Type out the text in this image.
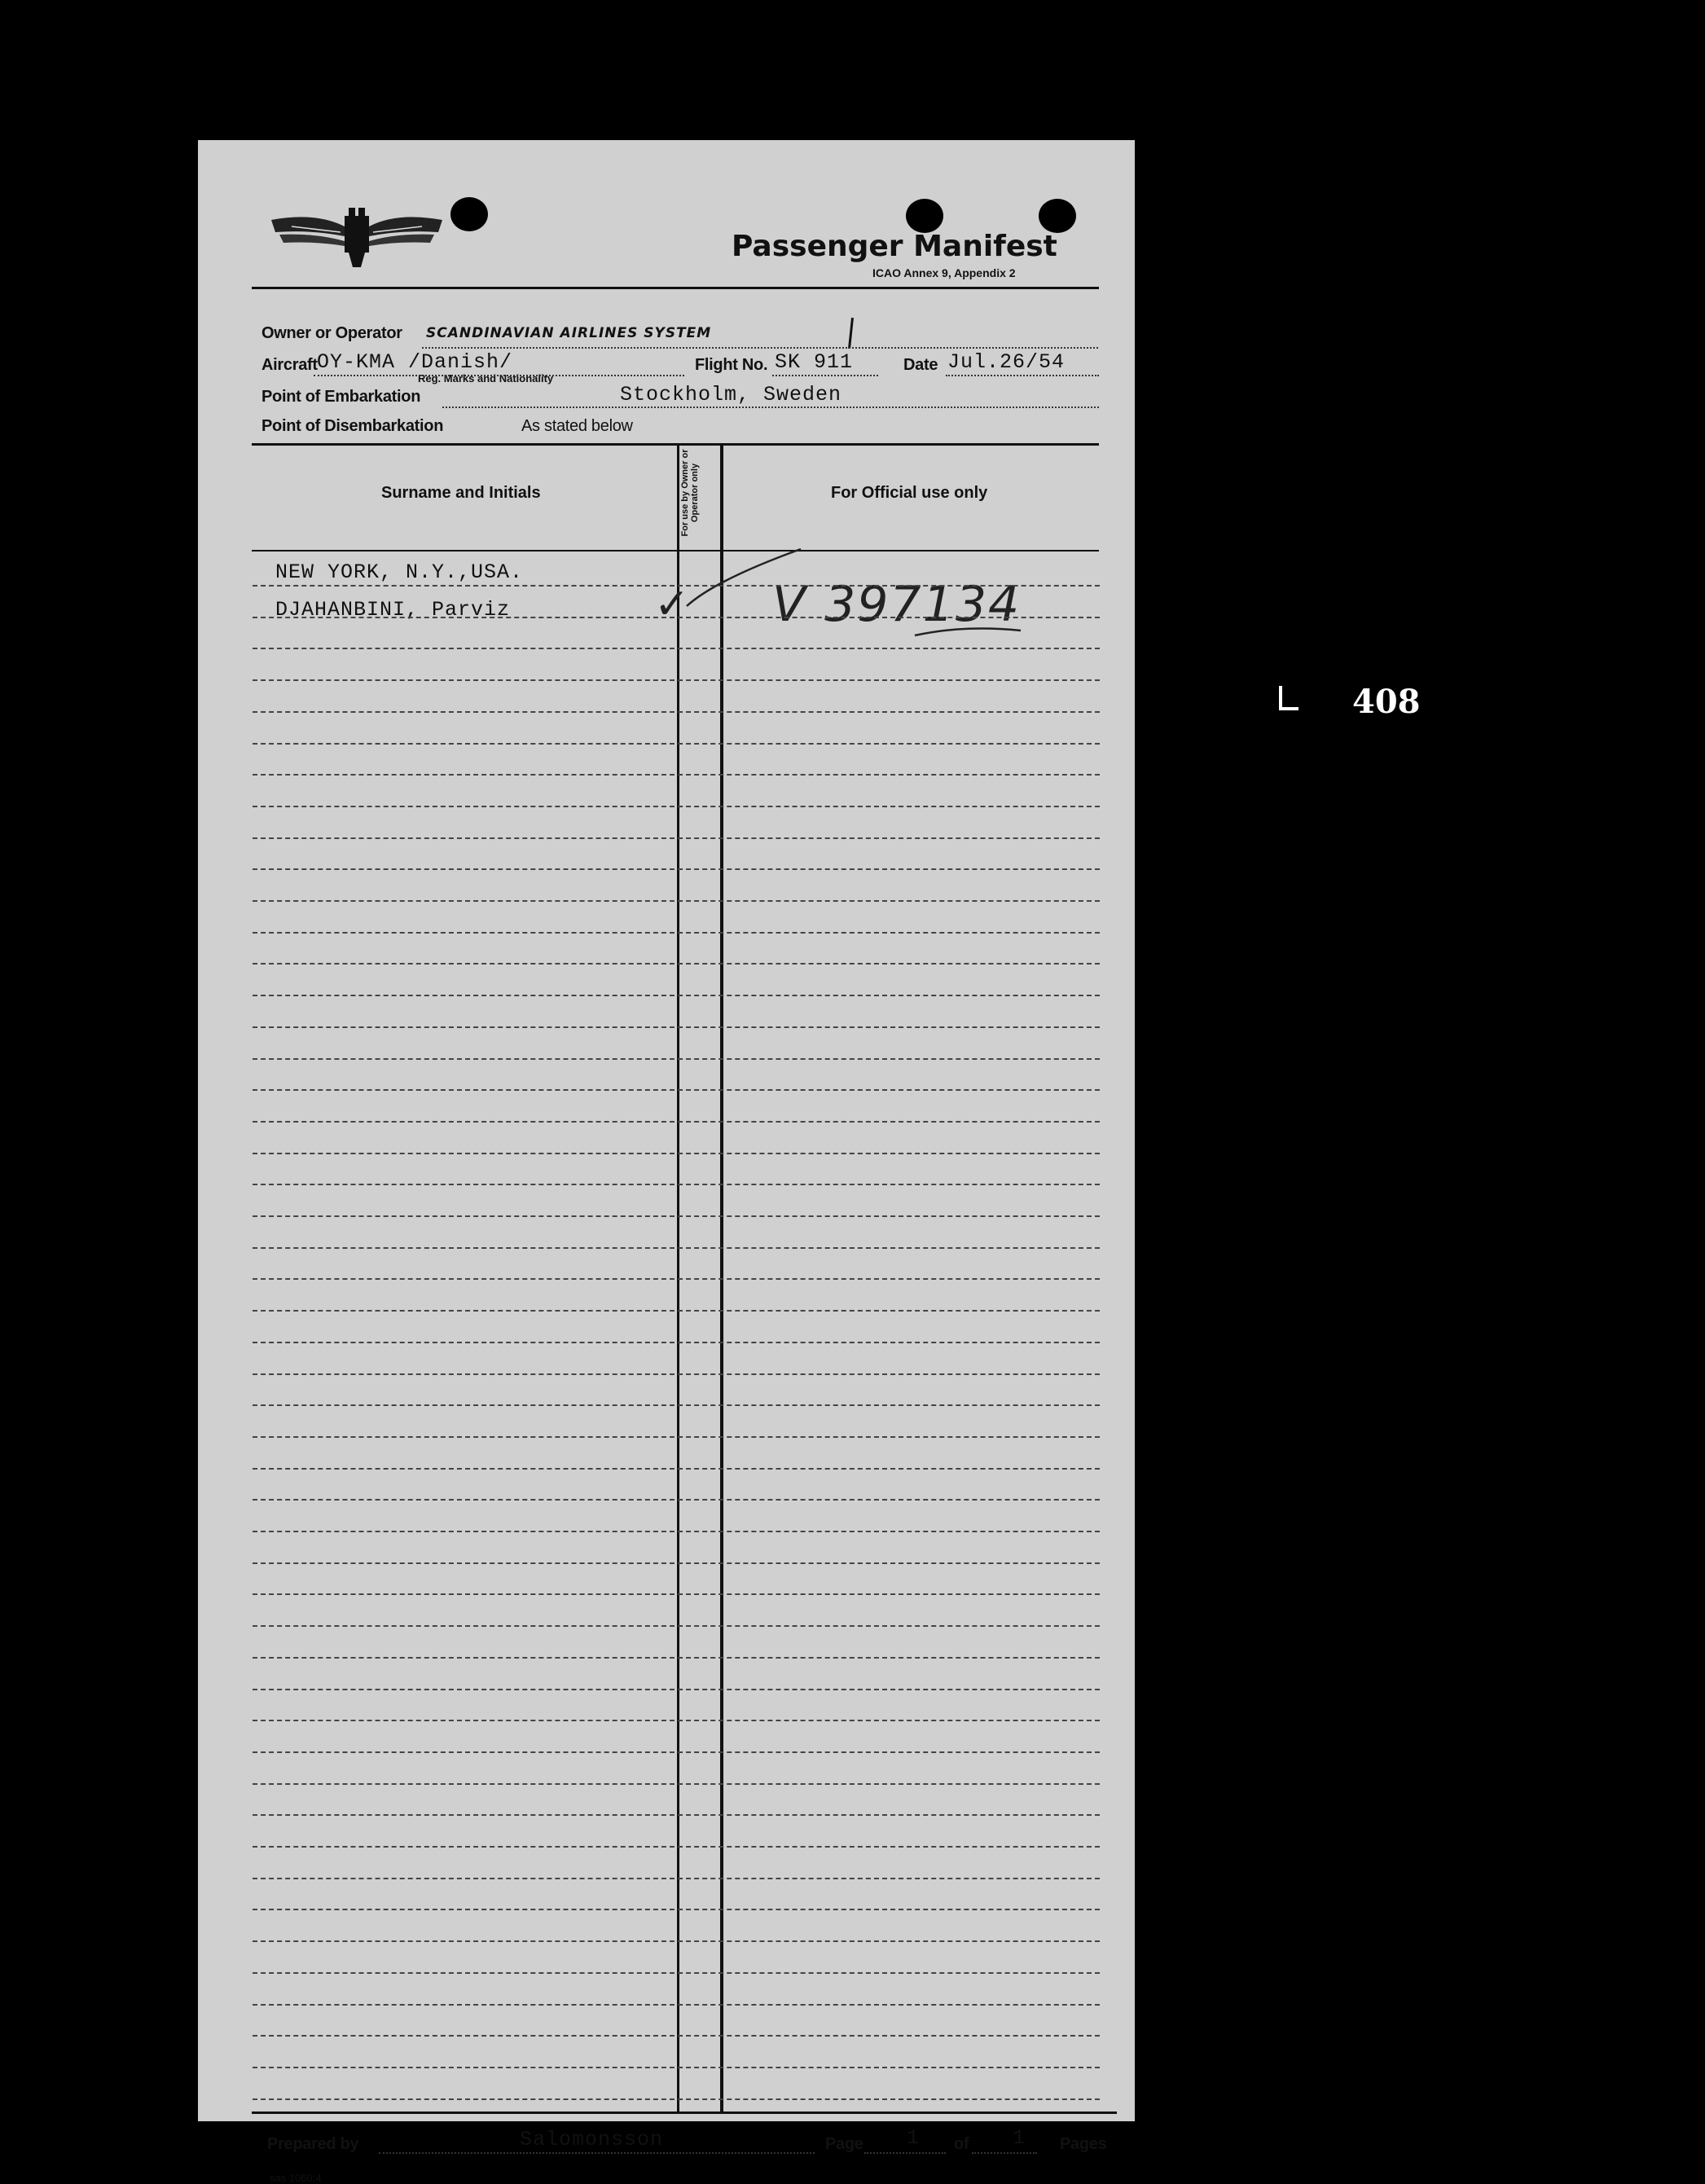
Passenger Manifest
ICAO Annex 9, Appendix 2
Owner or Operator SCANDINAVIAN AIRLINES SYSTEM
Aircraft OY-KMA /Danish/
Reg. Marks and Nationality
Flight No. SK 911	Date Jul.26/54
Point of Embarkation	Stockholm, Sweden
Point of Disembarkation	As stated below
Surname and Initials	For use by Owner or Operator only	For Official use only
NEW YORK, N.Y.,USA.
DJAHANBINI, Parviz	✓ V 397134
Prepared by	Salomonsson	Page 1 of 1 Pages
sas 1060:4
408
